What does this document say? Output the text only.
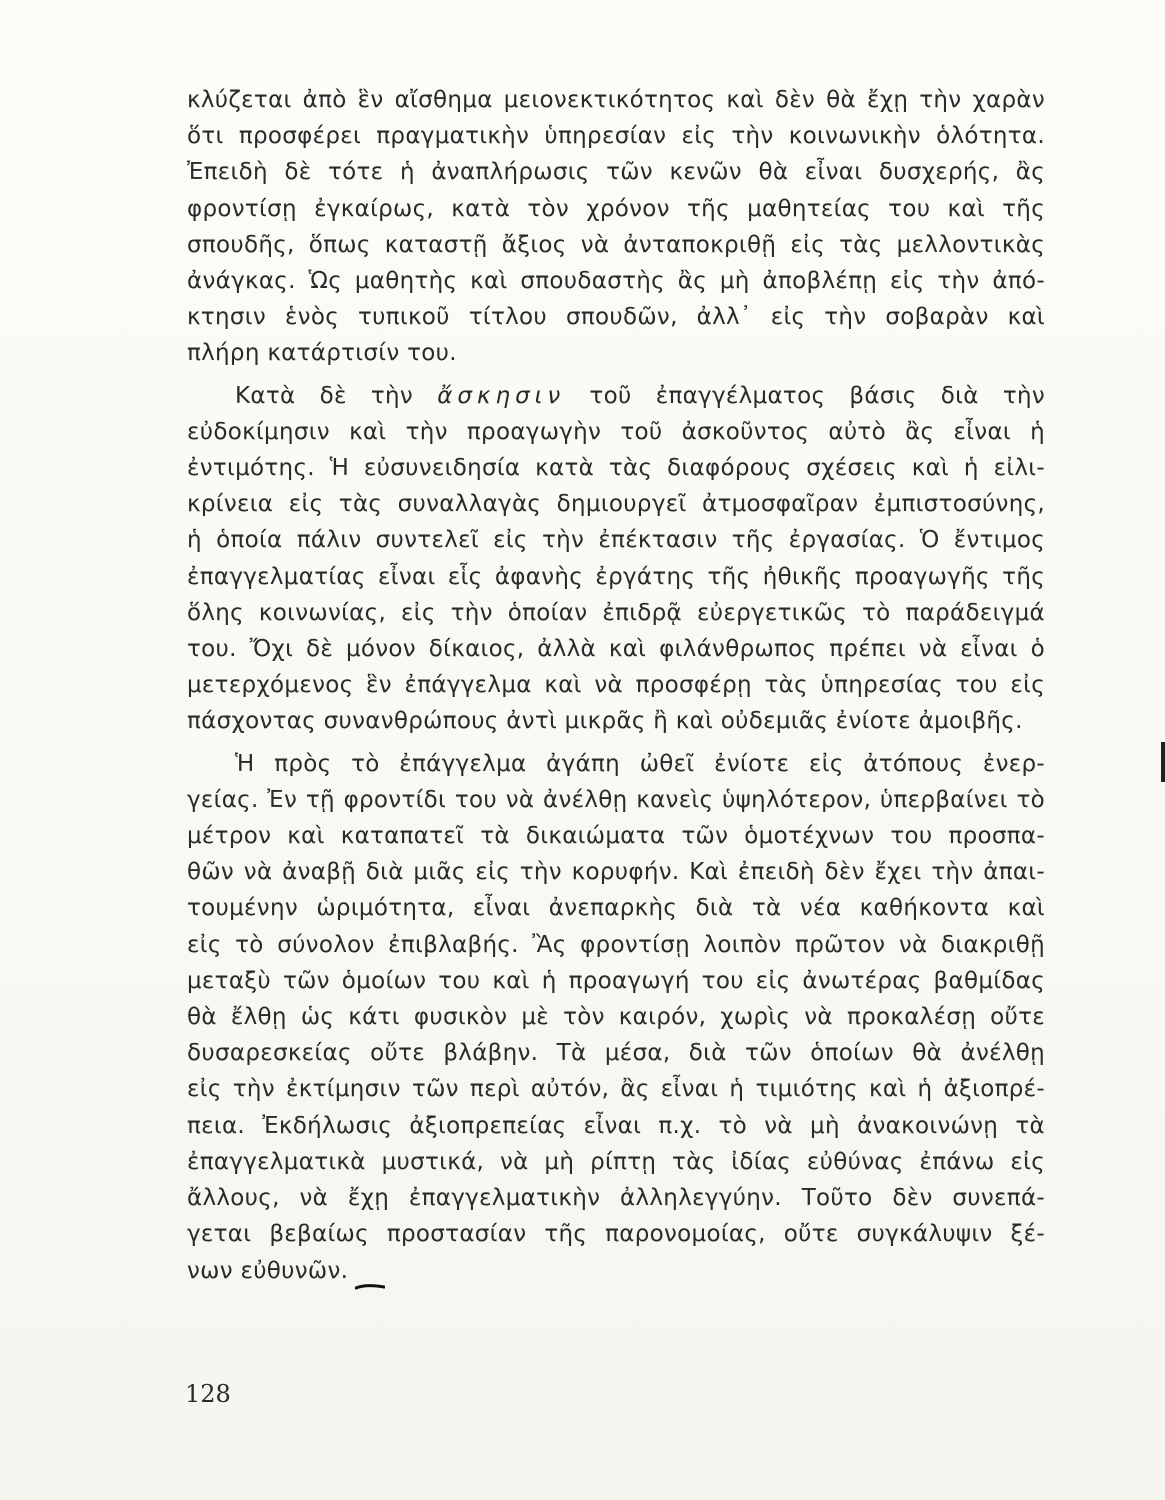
κλύζεται ἀπὸ ἓν αἴσθημα μειονεκτικότητος καὶ δὲν θὰ ἔχῃ τὴν χαρὰν
ὅτι προσφέρει πραγματικὴν ὑπηρεσίαν εἰς τὴν κοινωνικὴν ὁλότητα.
Ἐπειδὴ δὲ τότε ἡ ἀναπλήρωσις τῶν κενῶν θὰ εἶναι δυσχερής, ἂς
φροντίσῃ ἐγκαίρως, κατὰ τὸν χρόνον τῆς μαθητείας του καὶ τῆς
σπουδῆς, ὅπως καταστῇ ἄξιος νὰ ἀνταποκριθῇ εἰς τὰς μελλοντικὰς
ἀνάγκας. Ὡς μαθητὴς καὶ σπουδαστὴς ἂς μὴ ἀποβλέπῃ εἰς τὴν ἀπό-
κτησιν ἑνὸς τυπικοῦ τίτλου σπουδῶν, ἀλλ᾽ εἰς τὴν σοβαρὰν καὶ
πλήρη κατάρτισίν του.
Κατὰ δὲ τὴν ἄσκησιν τοῦ ἐπαγγέλματος βάσις διὰ τὴν
εὐδοκίμησιν καὶ τὴν προαγωγὴν τοῦ ἀσκοῦντος αὐτὸ ἂς εἶναι ἡ
ἐντιμότης. Ἡ εὐσυνειδησία κατὰ τὰς διαφόρους σχέσεις καὶ ἡ εἰλι-
κρίνεια εἰς τὰς συναλλαγὰς δημιουργεῖ ἀτμοσφαῖραν ἐμπιστοσύνης,
ἡ ὁποία πάλιν συντελεῖ εἰς τὴν ἐπέκτασιν τῆς ἐργασίας. Ὁ ἔντιμος
ἐπαγγελματίας εἶναι εἷς ἀφανὴς ἐργάτης τῆς ἠθικῆς προαγωγῆς τῆς
ὅλης κοινωνίας, εἰς τὴν ὁποίαν ἐπιδρᾷ εὐεργετικῶς τὸ παράδειγμά
του. Ὄχι δὲ μόνον δίκαιος, ἀλλὰ καὶ φιλάνθρωπος πρέπει νὰ εἶναι ὁ
μετερχόμενος ἓν ἐπάγγελμα καὶ νὰ προσφέρῃ τὰς ὑπηρεσίας του εἰς
πάσχοντας συνανθρώπους ἀντὶ μικρᾶς ἢ καὶ οὐδεμιᾶς ἐνίοτε ἀμοιβῆς.
Ἡ πρὸς τὸ ἐπάγγελμα ἀγάπη ὠθεῖ ἐνίοτε εἰς ἀτόπους ἐνερ-
γείας. Ἐν τῇ φροντίδι του νὰ ἀνέλθῃ κανεὶς ὑψηλότερον, ὑπερβαίνει τὸ
μέτρον καὶ καταπατεῖ τὰ δικαιώματα τῶν ὁμοτέχνων του προσπα-
θῶν νὰ ἀναβῇ διὰ μιᾶς εἰς τὴν κορυφήν. Καὶ ἐπειδὴ δὲν ἔχει τὴν ἀπαι-
τουμένην ὡριμότητα, εἶναι ἀνεπαρκὴς διὰ τὰ νέα καθήκοντα καὶ
εἰς τὸ σύνολον ἐπιβλαβής. Ἂς φροντίσῃ λοιπὸν πρῶτον νὰ διακριθῇ
μεταξὺ τῶν ὁμοίων του καὶ ἡ προαγωγή του εἰς ἀνωτέρας βαθμίδας
θὰ ἔλθῃ ὡς κάτι φυσικὸν μὲ τὸν καιρόν, χωρὶς νὰ προκαλέσῃ οὔτε
δυσαρεσκείας οὔτε βλάβην. Τὰ μέσα, διὰ τῶν ὁποίων θὰ ἀνέλθῃ
εἰς τὴν ἐκτίμησιν τῶν περὶ αὐτόν, ἂς εἶναι ἡ τιμιότης καὶ ἡ ἀξιοπρέ-
πεια. Ἐκδήλωσις ἀξιοπρεπείας εἶναι π.χ. τὸ νὰ μὴ ἀνακοινώνῃ τὰ
ἐπαγγελματικὰ μυστικά, νὰ μὴ ρίπτῃ τὰς ἰδίας εὐθύνας ἐπάνω εἰς
ἄλλους, νὰ ἔχῃ ἐπαγγελματικὴν ἀλληλεγγύην. Τοῦτο δὲν συνεπά-
γεται βεβαίως προστασίαν τῆς παρονομοίας, οὔτε συγκάλυψιν ξέ-
νων εὐθυνῶν.
128
